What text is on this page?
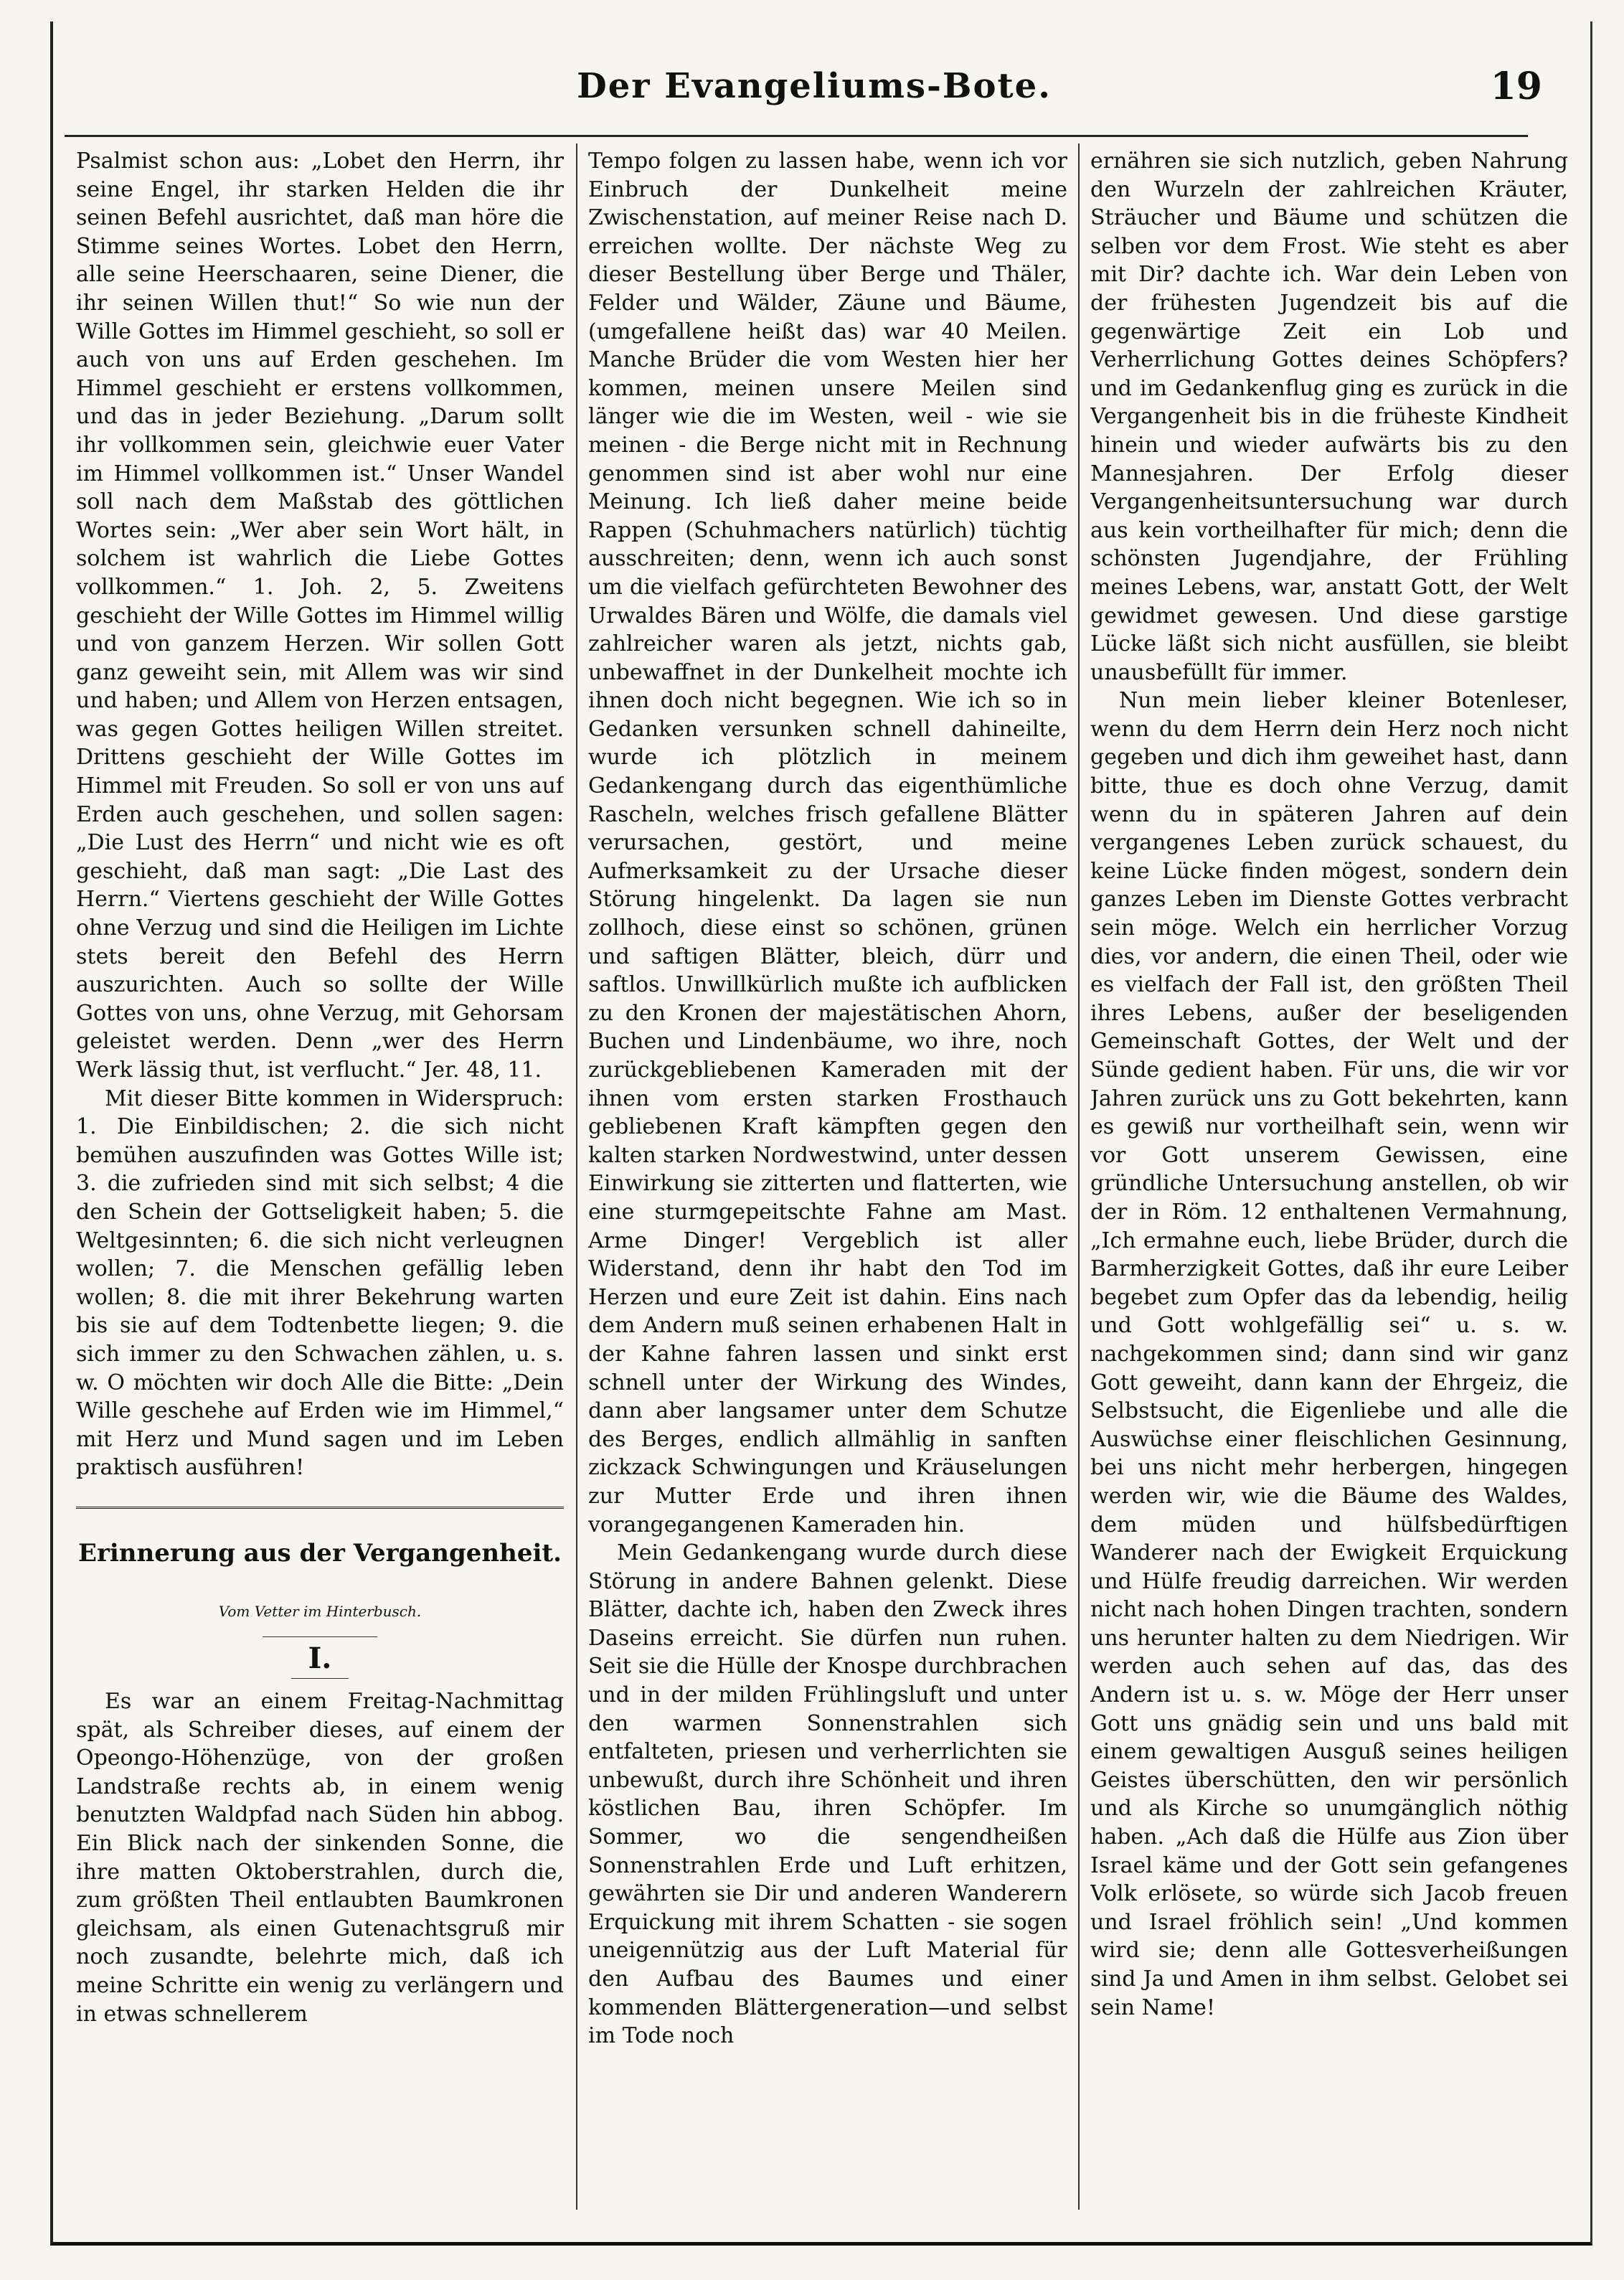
Der Evangeliums-Bote.	19

Psalmist schon aus: „Lobet den Herrn, ihr seine Engel, ihr starken Helden die ihr seinen Befehl ausrichtet, daß man höre die Stimme seines Wortes. Lobet den Herrn, alle seine Heerschaaren, seine Diener, die ihr seinen Willen thut!“ So wie nun der Wille Gottes im Himmel geschieht, so soll er auch von uns auf Erden geschehen. Im Himmel geschieht er erstens vollkommen, und das in jeder Beziehung. „Darum sollt ihr vollkommen sein, gleichwie euer Vater im Himmel vollkommen ist.“ Unser Wandel soll nach dem Maßstab des göttlichen Wortes sein: „Wer aber sein Wort hält, in solchem ist wahrlich die Liebe Gottes vollkommen.“ 1. Joh. 2, 5. Zweitens geschieht der Wille Gottes im Himmel willig und von ganzem Herzen. Wir sollen Gott ganz geweiht sein, mit Allem was wir sind und haben; und Allem von Herzen entsagen, was gegen Gottes heiligen Willen streitet. Drittens geschieht der Wille Gottes im Himmel mit Freuden. So soll er von uns auf Erden auch geschehen, und sollen sagen: „Die Lust des Herrn“ und nicht wie es oft geschieht, daß man sagt: „Die Last des Herrn.“ Viertens geschieht der Wille Gottes ohne Verzug und sind die Heiligen im Lichte stets bereit den Befehl des Herrn auszurichten. Auch so sollte der Wille Gottes von uns, ohne Verzug, mit Gehorsam geleistet werden. Denn „wer des Herrn Werk lässig thut, ist verflucht.“ Jer. 48, 11.

Mit dieser Bitte kommen in Widerspruch: 1. Die Einbildischen; 2. die sich nicht bemühen auszufinden was Gottes Wille ist; 3. die zufrieden sind mit sich selbst; 4 die den Schein der Gottseligkeit haben; 5. die Weltgesinnten; 6. die sich nicht verleugnen wollen; 7. die Menschen gefällig leben wollen; 8. die mit ihrer Bekehrung warten bis sie auf dem Todtenbette liegen; 9. die sich immer zu den Schwachen zählen, u. s. w. O möchten wir doch Alle die Bitte: „Dein Wille geschehe auf Erden wie im Himmel,“ mit Herz und Mund sagen und im Leben praktisch ausführen!

Erinnerung aus der Vergangenheit.
Vom Vetter im Hinterbusch.
I.

Es war an einem Freitag-Nachmittag spät, als Schreiber dieses, auf einem der Opeongo-Höhenzüge, von der großen Landstraße rechts ab, in einem wenig benutzten Waldpfad nach Süden hin abbog. Ein Blick nach der sinkenden Sonne, die ihre matten Oktoberstrahlen, durch die, zum größten Theil entlaubten Baumkronen gleichsam, als einen Gutenachtsgruß mir noch zusandte, belehrte mich, daß ich meine Schritte ein wenig zu verlängern und in etwas schnellerem

Tempo folgen zu lassen habe, wenn ich vor Einbruch der Dunkelheit meine Zwischenstation, auf meiner Reise nach D. erreichen wollte. Der nächste Weg zu dieser Bestellung über Berge und Thäler, Felder und Wälder, Zäune und Bäume, (umgefallene heißt das) war 40 Meilen. Manche Brüder die vom Westen hier her kommen, meinen unsere Meilen sind länger wie die im Westen, weil - wie sie meinen - die Berge nicht mit in Rechnung genommen sind ist aber wohl nur eine Meinung. Ich ließ daher meine beide Rappen (Schuhmachers natürlich) tüchtig ausschreiten; denn, wenn ich auch sonst um die vielfach gefürchteten Bewohner des Urwaldes Bären und Wölfe, die damals viel zahlreicher waren als jetzt, nichts gab, unbewaffnet in der Dunkelheit mochte ich ihnen doch nicht begegnen. Wie ich so in Gedanken versunken schnell dahineilte, wurde ich plötzlich in meinem Gedankengang durch das eigenthümliche Rascheln, welches frisch gefallene Blätter verursachen, gestört, und meine Aufmerksamkeit zu der Ursache dieser Störung hingelenkt. Da lagen sie nun zollhoch, diese einst so schönen, grünen und saftigen Blätter, bleich, dürr und saftlos. Unwillkürlich mußte ich aufblicken zu den Kronen der majestätischen Ahorn, Buchen und Lindenbäume, wo ihre, noch zurückgebliebenen Kameraden mit der ihnen vom ersten starken Frosthauch gebliebenen Kraft kämpften gegen den kalten starken Nordwestwind, unter dessen Einwirkung sie zitterten und flatterten, wie eine sturmgepeitschte Fahne am Mast. Arme Dinger! Vergeblich ist aller Widerstand, denn ihr habt den Tod im Herzen und eure Zeit ist dahin. Eins nach dem Andern muß seinen erhabenen Halt in der Kahne fahren lassen und sinkt erst schnell unter der Wirkung des Windes, dann aber langsamer unter dem Schutze des Berges, endlich allmählig in sanften zickzack Schwingungen und Kräuselungen zur Mutter Erde und ihren ihnen vorangegangenen Kameraden hin.

Mein Gedankengang wurde durch diese Störung in andere Bahnen gelenkt. Diese Blätter, dachte ich, haben den Zweck ihres Daseins erreicht. Sie dürfen nun ruhen. Seit sie die Hülle der Knospe durchbrachen und in der milden Frühlingsluft und unter den warmen Sonnenstrahlen sich entfalteten, priesen und verherrlichten sie unbewußt, durch ihre Schönheit und ihren köstlichen Bau, ihren Schöpfer. Im Sommer, wo die sengendheißen Sonnenstrahlen Erde und Luft erhitzen, gewährten sie Dir und anderen Wanderern Erquickung mit ihrem Schatten - sie sogen uneigennützig aus der Luft Material für den Aufbau des Baumes und einer kommenden Blättergeneration—und selbst im Tode noch

ernähren sie sich nutzlich, geben Nahrung den Wurzeln der zahlreichen Kräuter, Sträucher und Bäume und schützen die selben vor dem Frost. Wie steht es aber mit Dir? dachte ich. War dein Leben von der frühesten Jugendzeit bis auf die gegenwärtige Zeit ein Lob und Verherrlichung Gottes deines Schöpfers? und im Gedankenflug ging es zurück in die Vergangenheit bis in die früheste Kindheit hinein und wieder aufwärts bis zu den Mannesjahren. Der Erfolg dieser Vergangenheitsuntersuchung war durch aus kein vortheilhafter für mich; denn die schönsten Jugendjahre, der Frühling meines Lebens, war, anstatt Gott, der Welt gewidmet gewesen. Und diese garstige Lücke läßt sich nicht ausfüllen, sie bleibt unausbefüllt für immer.

Nun mein lieber kleiner Botenleser, wenn du dem Herrn dein Herz noch nicht gegeben und dich ihm geweihet hast, dann bitte, thue es doch ohne Verzug, damit wenn du in späteren Jahren auf dein vergangenes Leben zurück schauest, du keine Lücke finden mögest, sondern dein ganzes Leben im Dienste Gottes verbracht sein möge. Welch ein herrlicher Vorzug dies, vor andern, die einen Theil, oder wie es vielfach der Fall ist, den größten Theil ihres Lebens, außer der beseligenden Gemeinschaft Gottes, der Welt und der Sünde gedient haben. Für uns, die wir vor Jahren zurück uns zu Gott bekehrten, kann es gewiß nur vortheilhaft sein, wenn wir vor Gott unserem Gewissen, eine gründliche Untersuchung anstellen, ob wir der in Röm. 12 enthaltenen Vermahnung, „Ich ermahne euch, liebe Brüder, durch die Barmherzigkeit Gottes, daß ihr eure Leiber begebet zum Opfer das da lebendig, heilig und Gott wohlgefällig sei“ u. s. w. nachgekommen sind; dann sind wir ganz Gott geweiht, dann kann der Ehrgeiz, die Selbstsucht, die Eigenliebe und alle die Auswüchse einer fleischlichen Gesinnung, bei uns nicht mehr herbergen, hingegen werden wir, wie die Bäume des Waldes, dem müden und hülfsbedürftigen Wanderer nach der Ewigkeit Erquickung und Hülfe freudig darreichen. Wir werden nicht nach hohen Dingen trachten, sondern uns herunter halten zu dem Niedrigen. Wir werden auch sehen auf das, das des Andern ist u. s. w. Möge der Herr unser Gott uns gnädig sein und uns bald mit einem gewaltigen Ausguß seines heiligen Geistes überschütten, den wir persönlich und als Kirche so unumgänglich nöthig haben. „Ach daß die Hülfe aus Zion über Israel käme und der Gott sein gefangenes Volk erlösete, so würde sich Jacob freuen und Israel fröhlich sein! „Und kommen wird sie; denn alle Gottesverheißungen sind Ja und Amen in ihm selbst. Gelobet sei sein Name!
